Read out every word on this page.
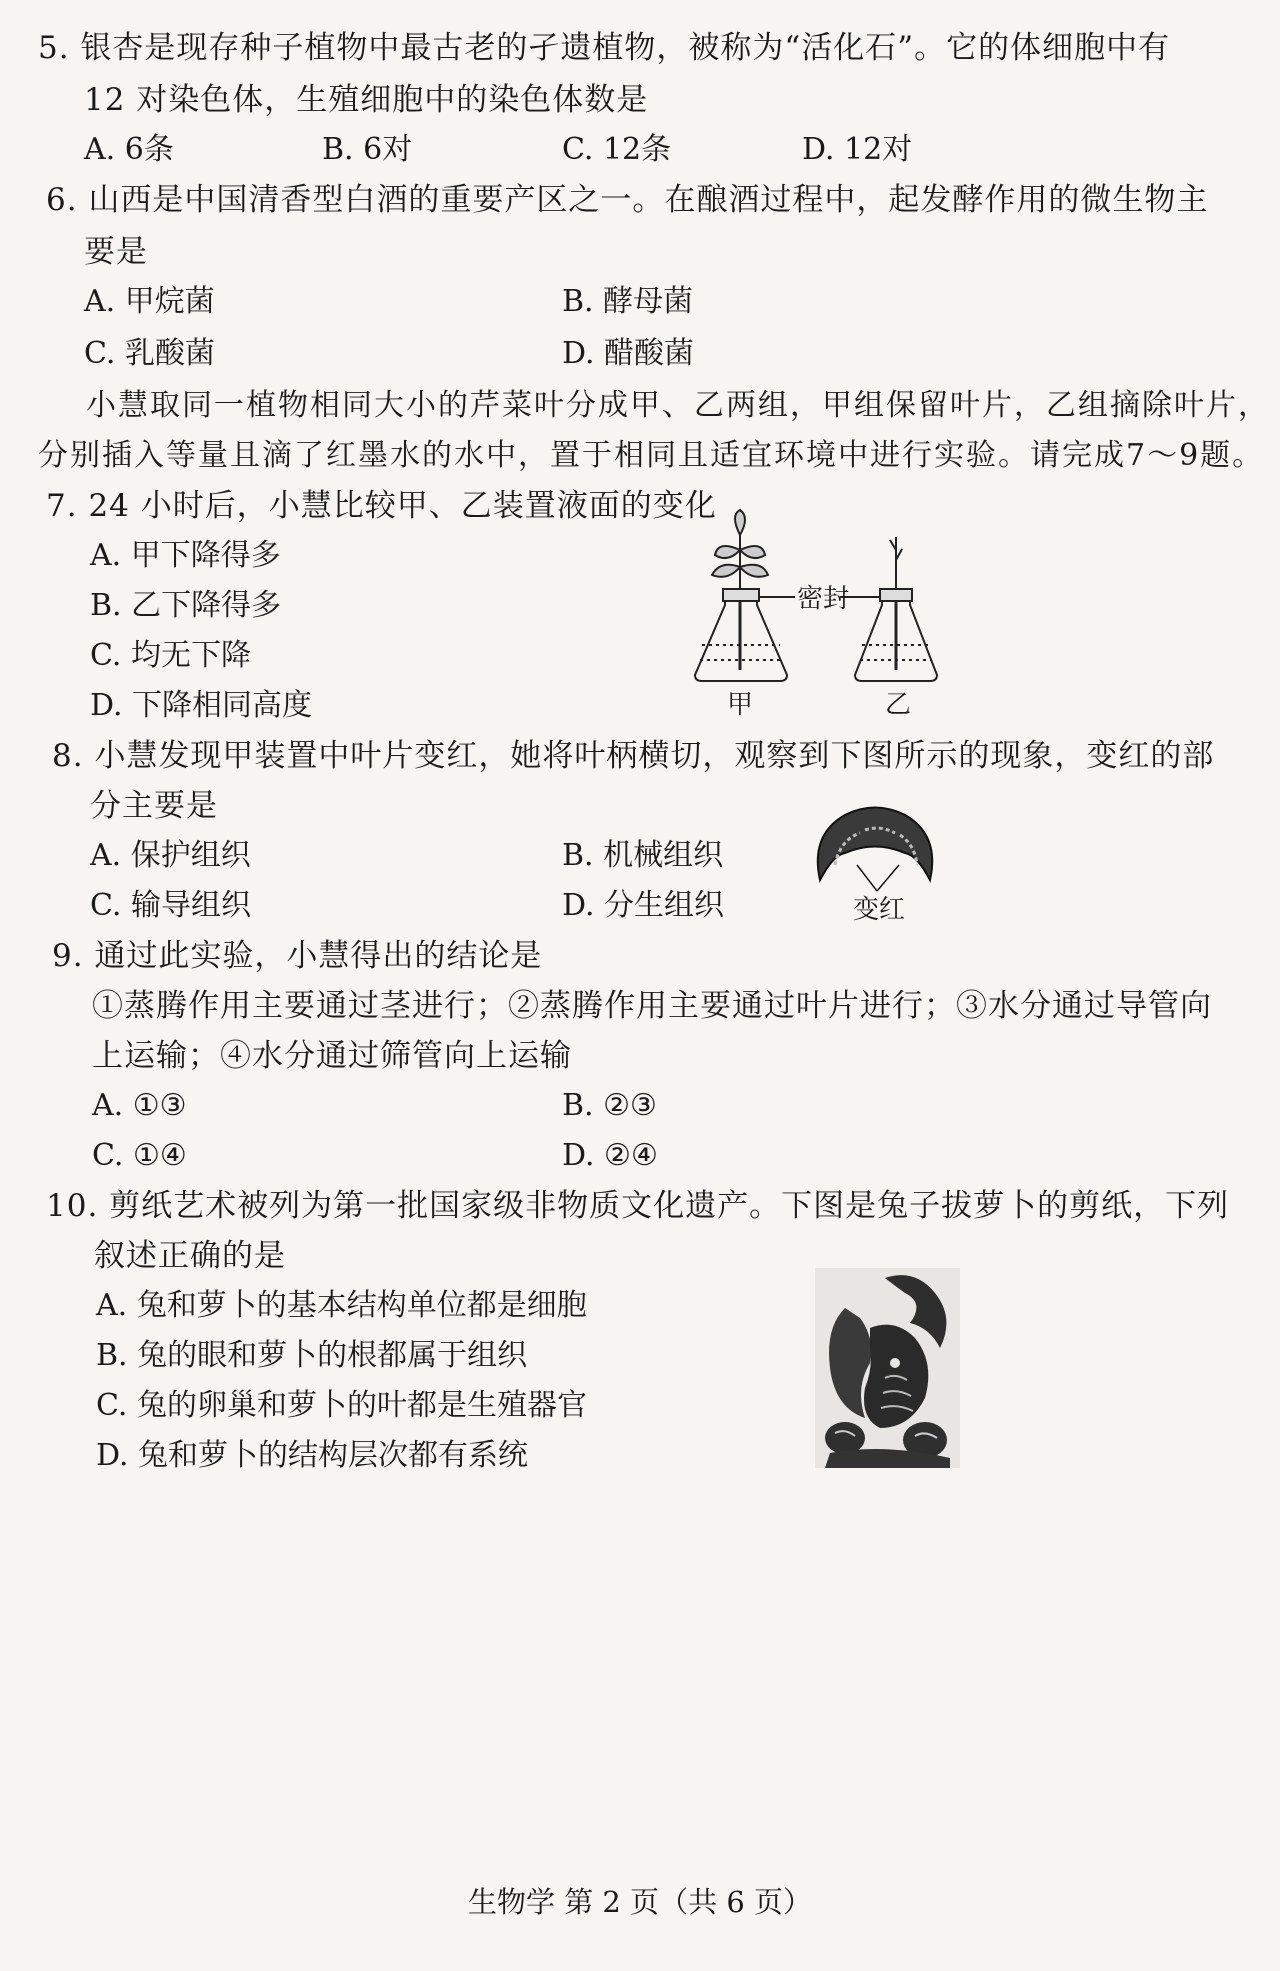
5. 银杏是现存种子植物中最古老的孑遗植物，被称为“活化石”。它的体细胞中有
12 对染色体，生殖细胞中的染色体数是
A. 6条	B. 6对	C. 12条	D. 12对
6. 山西是中国清香型白酒的重要产区之一。在酿酒过程中，起发酵作用的微生物主
要是
A. 甲烷菌	B. 酵母菌
C. 乳酸菌	D. 醋酸菌
小慧取同一植物相同大小的芹菜叶分成甲、乙两组，甲组保留叶片，乙组摘除叶片，
分别插入等量且滴了红墨水的水中，置于相同且适宜环境中进行实验。请完成7～9题。
7. 24 小时后，小慧比较甲、乙装置液面的变化
A. 甲下降得多
B. 乙下降得多
C. 均无下降
D. 下降相同高度
密封
甲	乙
8. 小慧发现甲装置中叶片变红，她将叶柄横切，观察到下图所示的现象，变红的部
分主要是
A. 保护组织	B. 机械组织
C. 输导组织	D. 分生组织	变红
9. 通过此实验，小慧得出的结论是
①蒸腾作用主要通过茎进行；②蒸腾作用主要通过叶片进行；③水分通过导管向
上运输；④水分通过筛管向上运输
A. ①③	B. ②③
C. ①④	D. ②④
10. 剪纸艺术被列为第一批国家级非物质文化遗产。下图是兔子拔萝卜的剪纸，下列
叙述正确的是
A. 兔和萝卜的基本结构单位都是细胞
B. 兔的眼和萝卜的根都属于组织
C. 兔的卵巢和萝卜的叶都是生殖器官
D. 兔和萝卜的结构层次都有系统
生物学 第 2 页（共 6 页）
